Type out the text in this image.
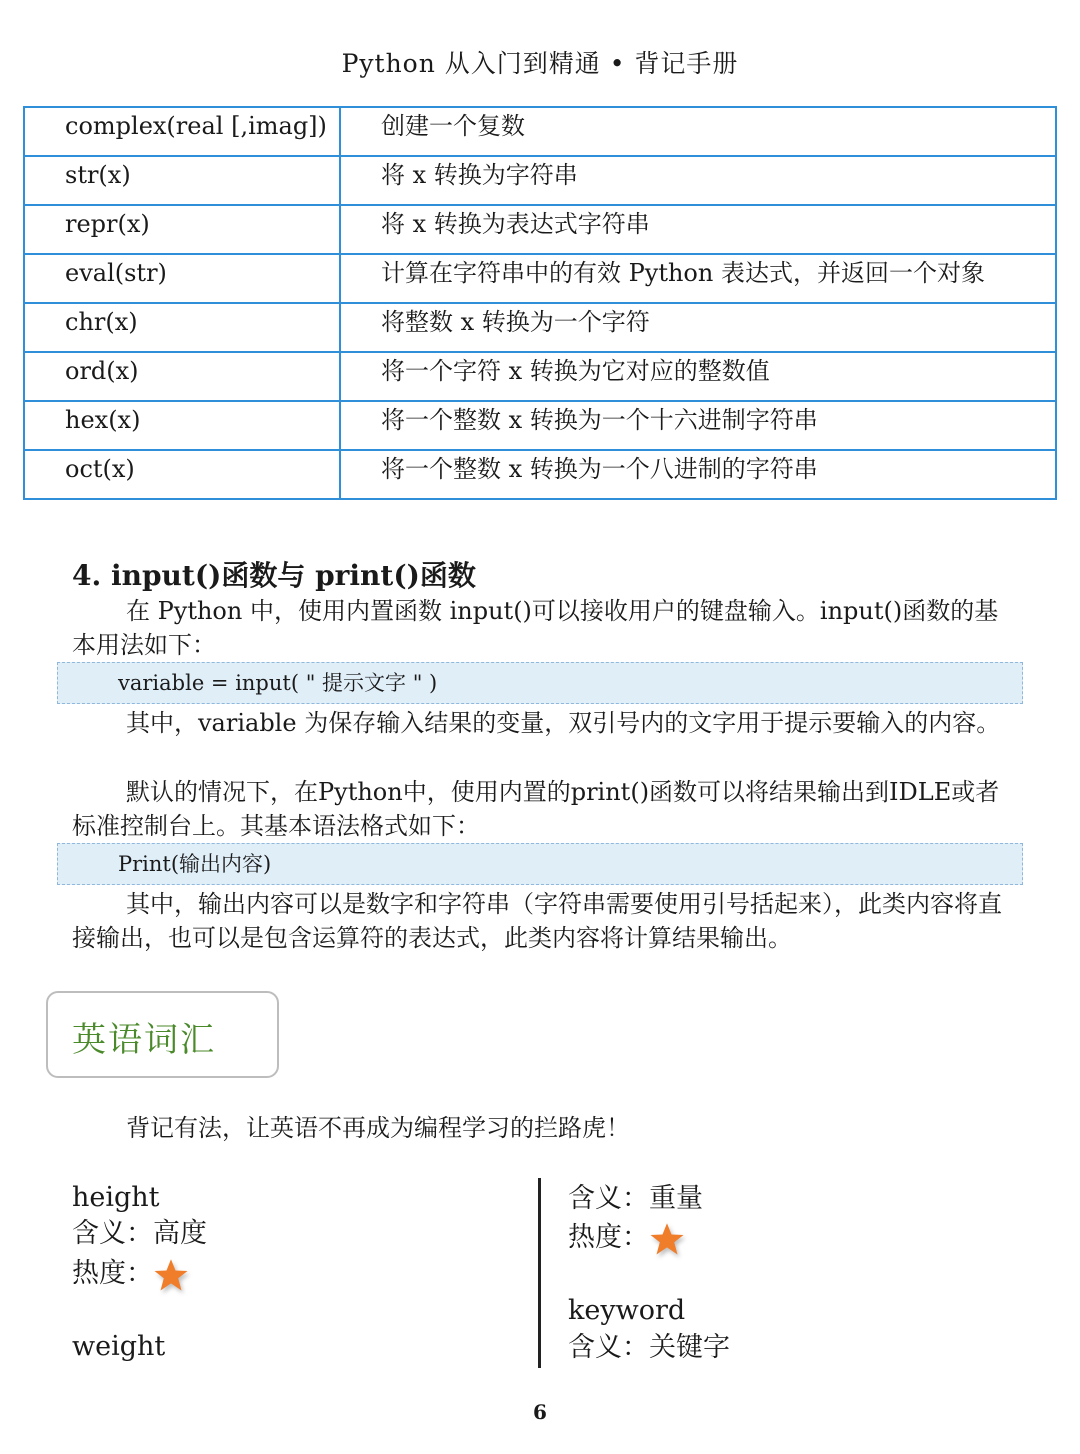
Python 从入门到精通 • 背记手册
complex(real [,imag])	创建一个复数
str(x)	将 x 转换为字符串
repr(x)	将 x 转换为表达式字符串
eval(str)	计算在字符串中的有效 Python 表达式，并返回一个对象
chr(x)	将整数 x 转换为一个字符
ord(x)	将一个字符 x 转换为它对应的整数值
hex(x)	将一个整数 x 转换为一个十六进制字符串
oct(x)	将一个整数 x 转换为一个八进制的字符串
4. input()函数与 print()函数
在 Python 中，使用内置函数 input()可以接收用户的键盘输入。input()函数的基本用法如下：
variable = input( " 提示文字 " )
其中，variable 为保存输入结果的变量，双引号内的文字用于提示要输入的内容。
默认的情况下，在Python中，使用内置的print()函数可以将结果输出到IDLE或者标准控制台上。其基本语法格式如下：
Print(输出内容)
其中，输出内容可以是数字和字符串（字符串需要使用引号括起来），此类内容将直接输出，也可以是包含运算符的表达式，此类内容将计算结果输出。
英语词汇
背记有法，让英语不再成为编程学习的拦路虎！
height
含义：高度
热度：
weight
含义：重量
热度：
keyword
含义：关键字
6
